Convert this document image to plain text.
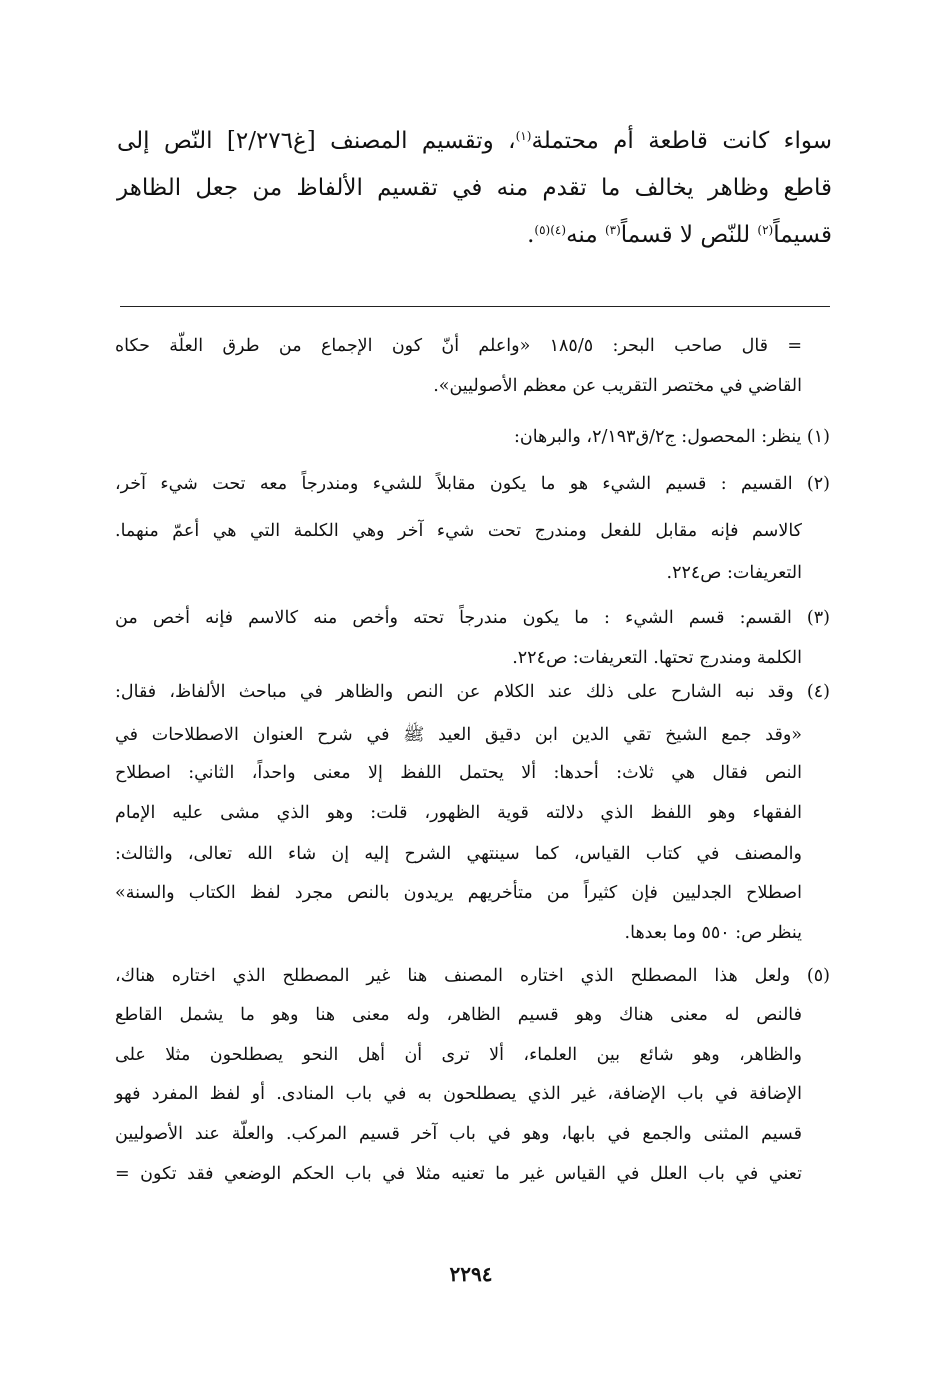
سواء كانت قاطعة أم محتملة$^{(١)}$، وتقسيم المصنف [غ٢/٢٧٦] النّص إلى
قاطع وظاهر يخالف ما تقدم منه في تقسيم الألفاظ من جعل الظاهر
قسيماً$^{(٢)}$ للنّص لا قسماً$^{(٣)}$ منه$^{(٤)(٥)}$.
= قال صاحب البحر: ١٨٥/٥ «واعلم أنّ كون الإجماع من طرق العلّة حكاه
القاضي في مختصر التقريب عن معظم الأصوليين».
(١) ينظر: المحصول: ج٢/ق٢/١٩٣، والبرهان:
(٢) القسيم : قسيم الشيء هو ما يكون مقابلاً للشيء ومندرجاً معه تحت شيء آخر،
كالاسم فإنه مقابل للفعل ومندرج تحت شيء آخر وهي الكلمة التي هي أعمّ منهما.
التعريفات: ص٢٢٤.
(٣) القسم: قسم الشيء : ما يكون مندرجاً تحته وأخص منه كالاسم فإنه أخص من
الكلمة ومندرج تحتها. التعريفات: ص٢٢٤.
(٤) وقد نبه الشارح على ذلك عند الكلام عن النص والظاهر في مباحث الألفاظ، فقال:
«وقد جمع الشيخ تقي الدين ابن دقيق العيد ﷺ في شرح العنوان الاصطلاحات في
النص فقال هي ثلاث: أحدها: ألا يحتمل اللفظ إلا معنى واحداً، الثاني: اصطلاح
الفقهاء وهو اللفظ الذي دلالته قوية الظهور، قلت: وهو الذي مشى عليه الإمام
والمصنف في كتاب القياس، كما سينتهي الشرح إليه إن شاء الله تعالى، والثالث:
اصطلاح الجدليين فإن كثيراً من متأخريهم يريدون بالنص مجرد لفظ الكتاب والسنة»
ينظر ص: ٥٥٠ وما بعدها.
(٥) ولعل هذا المصطلح الذي اختاره المصنف هنا غير المصطلح الذي اختاره هناك،
فالنص له معنى هناك وهو قسيم الظاهر، وله معنى هنا وهو ما يشمل القاطع
والظاهر، وهو شائع بين العلماء، ألا ترى أن أهل النحو يصطلحون مثلا على
الإضافة في باب الإضافة، غير الذي يصطلحون به في باب المنادى. أو لفظ المفرد فهو
قسيم المثنى والجمع في بابها، وهو في باب آخر قسيم المركب. والعلّة عند الأصوليين
تعني في باب العلل في القياس غير ما تعنيه مثلا في باب الحكم الوضعي فقد تكون =
٢٢٩٤
